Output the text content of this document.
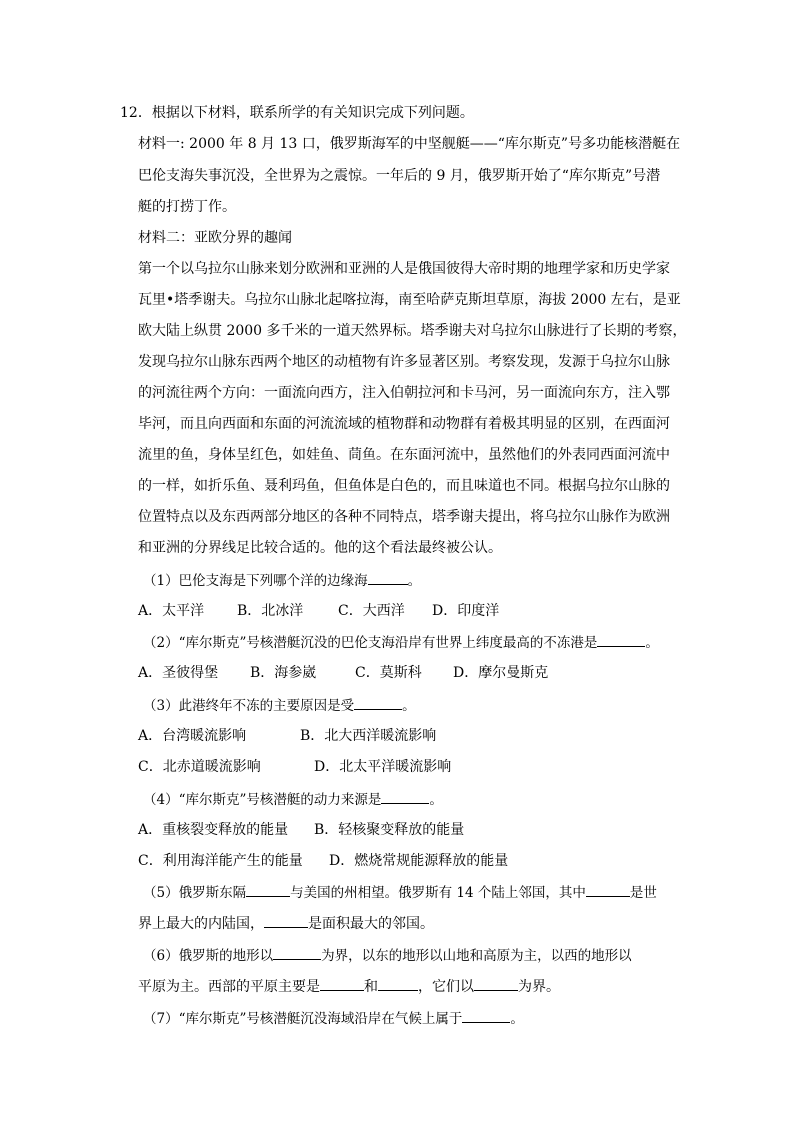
12．根据以下材料，联系所学的有关知识完成下列问题。
材料一: 2000 年 8 月 13 口，俄罗斯海军的中坚舰艇——“库尔斯克”号多功能核潜艇在
巴伦支海失事沉没，全世界为之震惊。一年后的 9 月，俄罗斯开始了“库尔斯克”号潜
艇的打捞丁作。
材料二：亚欧分界的趣闻
第一个以乌拉尔山脉来划分欧洲和亚洲的人是俄国彼得大帝时期的地理学家和历史学家
瓦里•塔季谢夫。乌拉尔山脉北起喀拉海，南至哈萨克斯坦草原，海拔 2000 左右，是亚
欧大陆上纵贯 2000 多千米的一道天然界标。塔季谢夫对乌拉尔山脉进行了长期的考察，
发现乌拉尔山脉东西两个地区的动植物有许多显著区别。考察发现，发源于乌拉尔山脉
的河流往两个方向：一面流向西方，注入伯朝拉河和卡马河，另一面流向东方，注入鄂
毕河，而且向西面和东面的河流流域的植物群和动物群有着极其明显的区别，在西面河
流里的鱼，身体呈红色，如娃鱼、茼鱼。在东面河流中，虽然他们的外表同西面河流中
的一样，如折乐鱼、聂利玛鱼，但鱼体是白色的，而且味道也不同。根据乌拉尔山脉的
位置特点以及东西两部分地区的各种不同特点，塔季谢夫提出，将乌拉尔山脉作为欧洲
和亚洲的分界线足比较合适的。他的这个看法最终被公认。
（1）巴伦支海是下列哪个洋的边缘海	。
A．太平洋 B．北冰洋 C．大西洋 D．印度洋
（2）“库尔斯克”号核潜艇沉没的巴伦支海沿岸有世界上纬度最高的不冻港是	。
A．圣彼得堡 B．海参崴	C．莫斯科 D．摩尔曼斯克
（3）此港终年不冻的主要原因是受	。
A．台湾暖流影响	B．北大西洋暖流影响
C．北赤道暖流影响	D．北太平洋暖流影响
（4）“库尔斯克”号核潜艇的动力来源是	。
A．重核裂变释放的能量 B．轻核聚变释放的能量
C．利用海洋能产生的能量 D．燃烧常规能源释放的能量
（5）俄罗斯东隔	与美国的州相望。俄罗斯有 14 个陆上邻国，其中	是世
界上最大的内陆国，	是面积最大的邻国。
（6）俄罗斯的地形以	为界，以东的地形以山地和高原为主，以西的地形以
平原为主。西部的平原主要是	和	，它们以	为界。
（7）“库尔斯克”号核潜艇沉没海域沿岸在气候上属于	。
